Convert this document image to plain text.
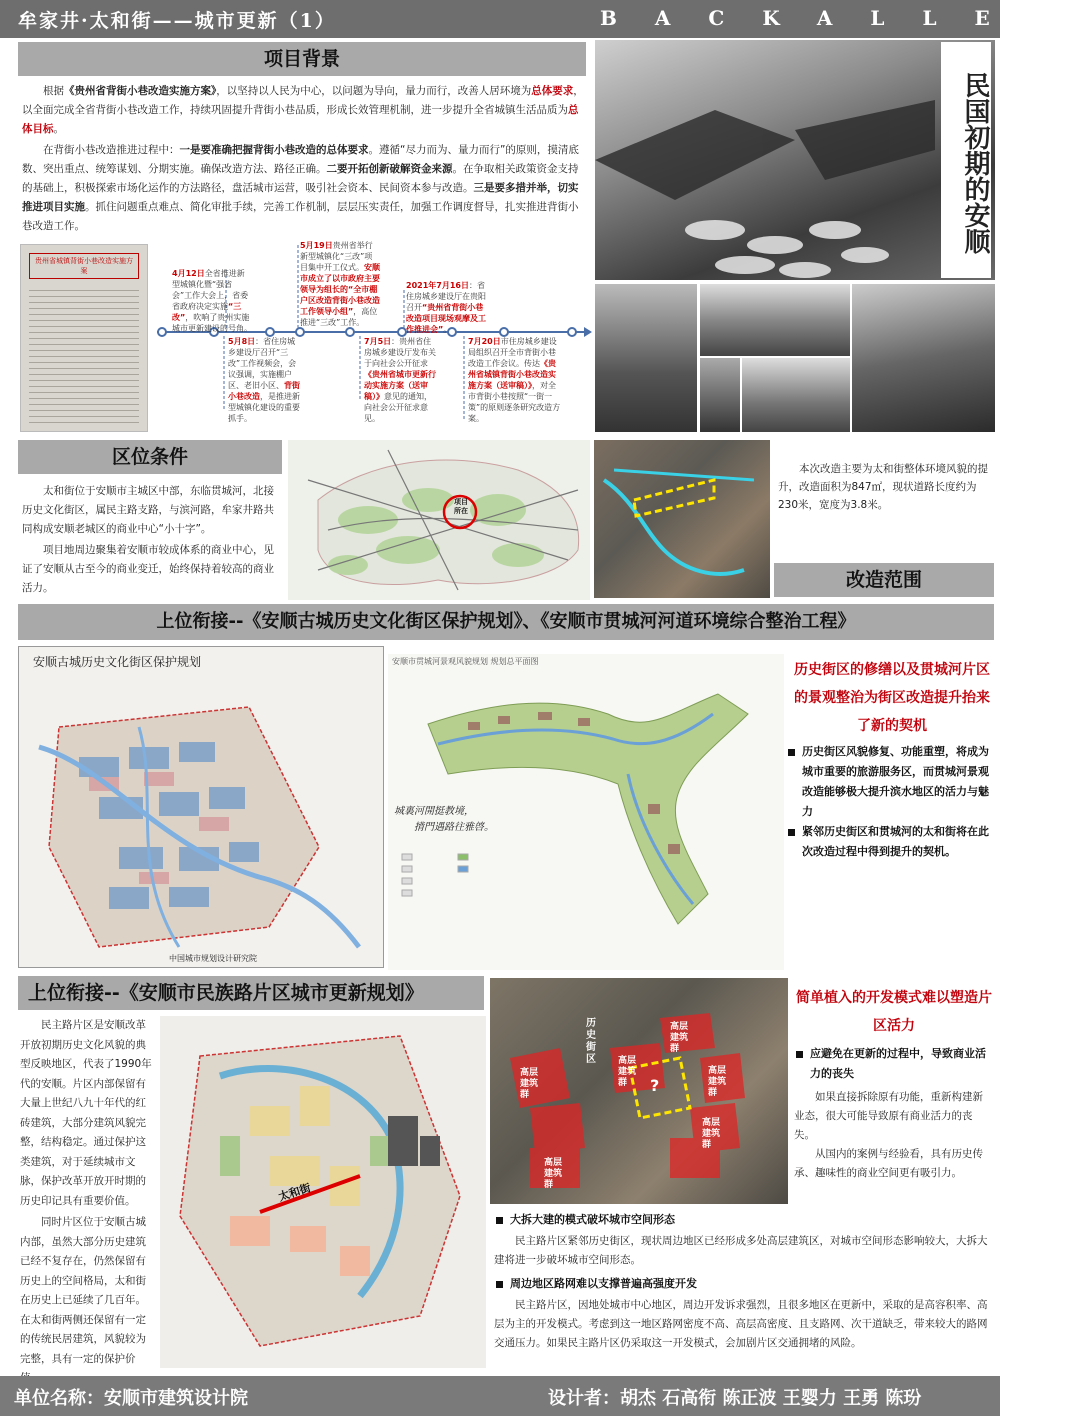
牟家井·太和街——城市更新（1）	BACKALLEY
项目背景

根据《贵州省背街小巷改造实施方案》，以坚持以人民为中心，以问题为导向，量力而行，改善人居环境为总体要求，以全面完成全省背街小巷改造工作，持续巩固提升背街小巷品质，形成长效管理机制，进一步提升全省城镇生活品质为总体目标。

在背街小巷改造推进过程中：一是要准确把握背街小巷改造的总体要求。遵循“尽力而为、量力而行”的原则，摸清底数、突出重点、统筹谋划、分期实施。确保改造方法、路径正确。二要开拓创新破解资金来源。在争取相关政策资金支持的基础上，积极探索市场化运作的方法路径，盘活城市运营，吸引社会资本、民间资本参与改造。三是要多措并举，切实推进项目实施。抓住问题重点难点、简化审批手续，完善工作机制，层层压实责任，加强工作调度督导，扎实推进背街小巷改造工作。

贵州省城镇背街小巷改造实施方案	4月12日全省推进新型城镇化暨“强省会”工作大会上，省委省政府决定实施“三改”，吹响了贵州实施城市更新建设的号角。
5月19日贵州省举行新型城镇化“三改”项目集中开工仪式。安顺市成立了以市政府主要领导为组长的“全市棚户区改造背街小巷改造工作领导小组”，高位推进“三改”工作。
5月8日：省住房城乡建设厅召开“三改”工作视频会，会议强调，实施棚户区、老旧小区、背街小巷改造，是推进新型城镇化建设的重要抓手。
7月5日：贵州省住房城乡建设厅发布关于向社会公开征求《贵州省城市更新行动实施方案（送审稿）》意见的通知，向社会公开征求意见。
2021年7月16日：省住房城乡建设厅在贵阳召开“贵州省背街小巷改造项目现场观摩及工作推进会”。
7月20日市住房城乡建设局组织召开全市背街小巷改造工作会议。传达《贵州省城镇背街小巷改造实施方案（送审稿）》，对全市背街小巷按照“一街一策”的原则逐条研究改造方案。
民国初期的安顺
区位条件

太和街位于安顺市主城区中部，东临贯城河，北接历史文化街区，属民主路支路，与滨河路，牟家井路共同构成安顺老城区的商业中心“小十字”。

项目地周边聚集着安顺市较成体系的商业中心，见证了安顺从古至今的商业变迁，始终保持着较高的商业活力。

项目所在
本次改造主要为太和街整体环境风貌的提升，改造面积为847㎡，现状道路长度约为230米，宽度为3.8米。
改造范围
上位衔接--《安顺古城历史文化街区保护规划》、《安顺市贯城河河道环境综合整治工程》
安顺古城历史文化街区保护规划
中国城市规划设计研究院
安顺市贯城河景观风貌规划 规划总平面图
城裏河開挺教境，
揹門遇路往雅啓。
历史街区的修缮以及贯城河片区的景观整治为街区改造提升抬来了新的契机
历史街区风貌修复、功能重塑，将成为城市重要的旅游服务区，而贯城河景观改造能够极大提升滨水地区的活力与魅力
紧邻历史街区和贯城河的太和街将在此次改造过程中得到提升的契机。
上位衔接--《安顺市民族路片区城市更新规划》

民主路片区是安顺改革开放初期历史文化风貌的典型反映地区，代表了1990年代的安顺。片区内部保留有大量上世纪八九十年代的红砖建筑，大部分建筑风貌完整，结构稳定。通过保护这类建筑，对于延续城市文脉，保护改革开放开时期的历史印记具有重要价值。

同时片区位于安顺古城内部，虽然大部分历史建筑已经不复存在，仍然保留有历史上的空间格局，太和街在历史上已延续了几百年。在太和街两侧还保留有一定的传统民居建筑，风貌较为完整，具有一定的保护价

太和街
历史街区
高层建筑群
高层建筑群
高层建筑群
高层建筑群
高层建筑群
高层建筑群
?
简单植入的开发模式难以塑造片区活力
应避免在更新的过程中，导致商业活力的丧失
如果直接拆除原有功能，重新构建新业态，很大可能导致原有商业活力的丧失。
从国内的案例与经验看，具有历史传承、趣味性的商业空间更有吸引力。
大拆大建的模式破坏城市空间形态
民主路片区紧邻历史街区，现状周边地区已经形成多处高层建筑区，对城市空间形态影响较大，大拆大建将进一步破坏城市空间形态。
周边地区路网难以支撑普遍高强度开发
民主路片区，因地处城市中心地区，周边开发诉求强烈，且很多地区在更新中，采取的是高容积率、高层为主的开发模式。考虑到这一地区路网密度不高、高层高密度、且支路网、次干道缺乏，带来较大的路网交通压力。如果民主路片区仍采取这一开发模式，会加剧片区交通拥堵的风险。
单位名称：安顺市建筑设计院	设计者：胡杰 石高衔 陈正波 王婴力 王勇 陈玢
